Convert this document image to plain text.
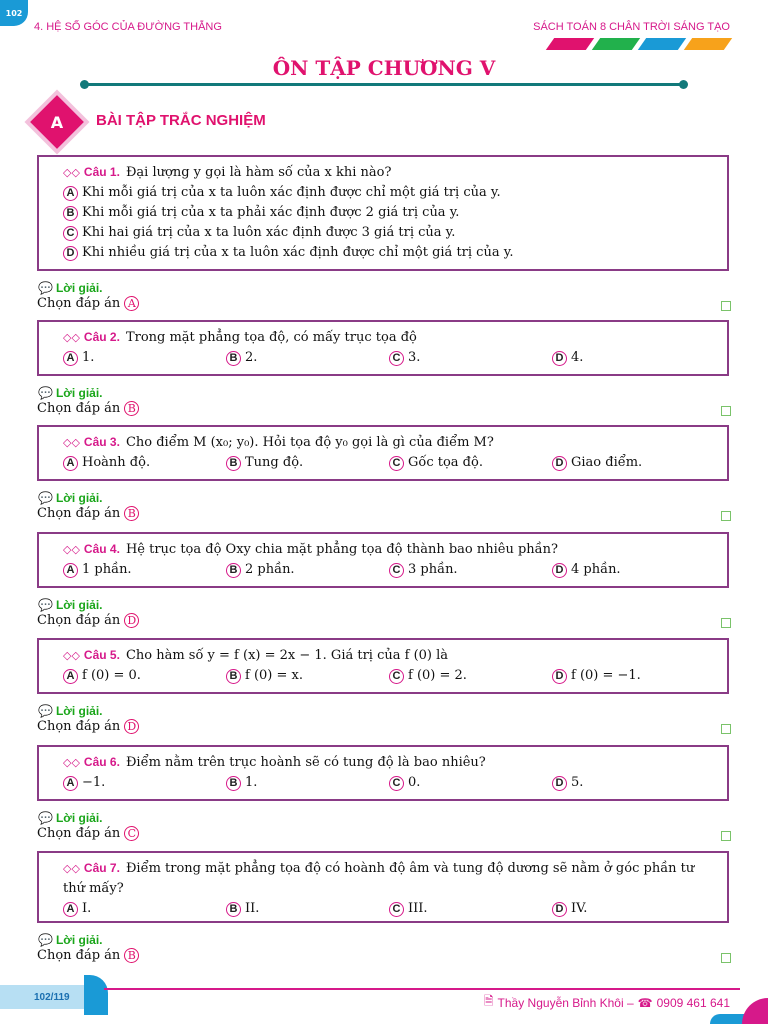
102
4. HỆ SỐ GÓC CỦA ĐƯỜNG THẲNG	SÁCH TOÁN 8 CHÂN TRỜI SÁNG TẠO
ÔN TẬP CHƯƠNG V
A	BÀI TẬP TRẮC NGHIỆM
◇◇ Câu 1. Đại lượng y gọi là hàm số của x khi nào?
A Khi mỗi giá trị của x ta luôn xác định được chỉ một giá trị của y.
B Khi mỗi giá trị của x ta phải xác định được 2 giá trị của y.
C Khi hai giá trị của x ta luôn xác định được 3 giá trị của y.
D Khi nhiều giá trị của x ta luôn xác định được chỉ một giá trị của y.
💬 Lời giải.
Chọn đáp án A
◇◇ Câu 2. Trong mặt phẳng tọa độ, có mấy trục tọa độ
A 1.	B 2.	C 3.	D 4.
💬 Lời giải.
Chọn đáp án B
◇◇ Câu 3. Cho điểm M (x₀; y₀). Hỏi tọa độ y₀ gọi là gì của điểm M?
A Hoành độ.	B Tung độ.	C Gốc tọa độ.	D Giao điểm.
💬 Lời giải.
Chọn đáp án B
◇◇ Câu 4. Hệ trục tọa độ Oxy chia mặt phẳng tọa độ thành bao nhiêu phần?
A 1 phần.	B 2 phần.	C 3 phần.	D 4 phần.
💬 Lời giải.
Chọn đáp án D
◇◇ Câu 5. Cho hàm số y = f (x) = 2x − 1. Giá trị của f (0) là
A f (0) = 0.	B f (0) = x.	C f (0) = 2.	D f (0) = −1.
💬 Lời giải.
Chọn đáp án D
◇◇ Câu 6. Điểm nằm trên trục hoành sẽ có tung độ là bao nhiêu?
A −1.	B 1.	C 0.	D 5.
💬 Lời giải.
Chọn đáp án C
◇◇ Câu 7. Điểm trong mặt phẳng tọa độ có hoành độ âm và tung độ dương sẽ nằm ở góc phần tư thứ mấy?
A I.	B II.	C III.	D IV.
💬 Lời giải.
Chọn đáp án B
102/119	🗎 Thầy Nguyễn Bỉnh Khôi – ☎ 0909 461 641
